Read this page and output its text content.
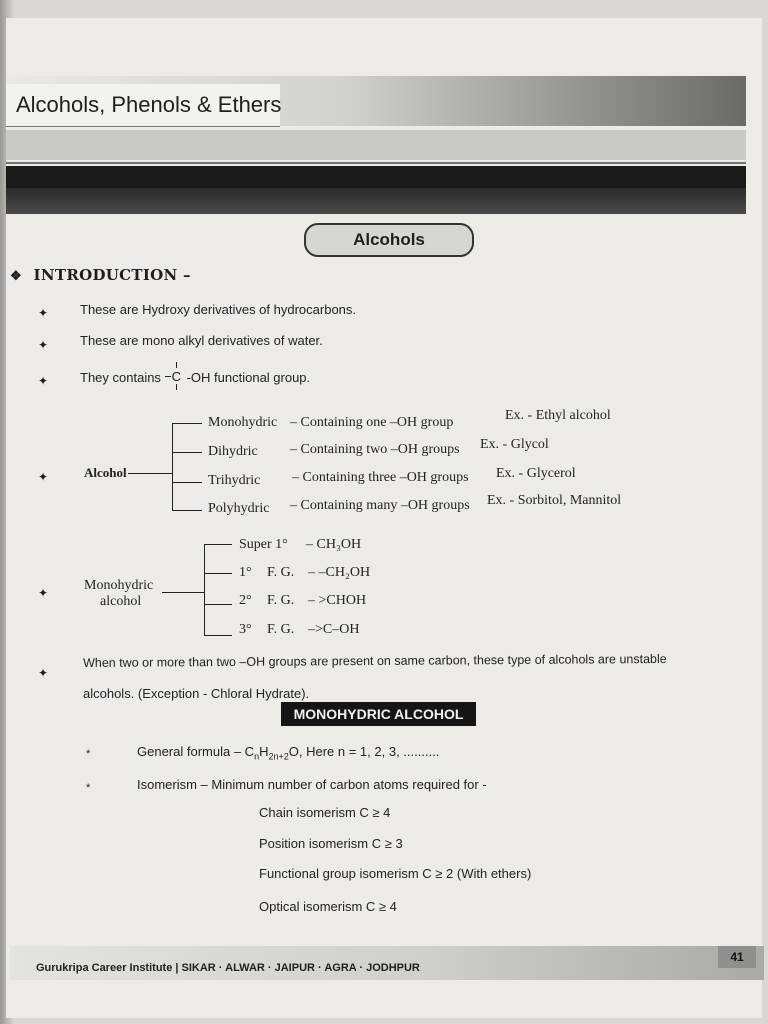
Alcohols, Phenols & Ethers
Alcohols
❖ INTRODUCTION –
✦ These are Hydroxy derivatives of hydrocarbons.
✦ These are mono alkyl derivatives of water.
✦ They contains C -OH functional group.
✦	Alcohol
Monohydric – Containing one –OH group	Ex. - Ethyl alcohol
Dihydric – Containing two –OH groups Ex. - Glycol
Trihydric – Containing three –OH groups Ex. - Glycerol
Polyhydric – Containing many –OH groups Ex. - Sorbitol, Mannitol
✦	Monohydric
alcohol
Super 1° – CH₃OH
1° F. G. – –CH₂OH
2° F. G. – >CHOH
3° F. G. –>C–OH
✦
When two or more than two –OH groups are present on same carbon, these type of alcohols are unstable
alcohols. (Exception - Chloral Hydrate).
MONOHYDRIC ALCOHOL
*	General formula – $C_nH_{2n+2}O$, Here n = 1, 2, 3, ..........
*	Isomerism – Minimum number of carbon atoms required for -
Chain isomerism C ≥ 4
Position isomerism C ≥ 3
Functional group isomerism C ≥ 2 (With ethers)
Optical isomerism C ≥ 4
Gurukripa Career Institute | SIKAR · ALWAR · JAIPUR · AGRA · JODHPUR
41
